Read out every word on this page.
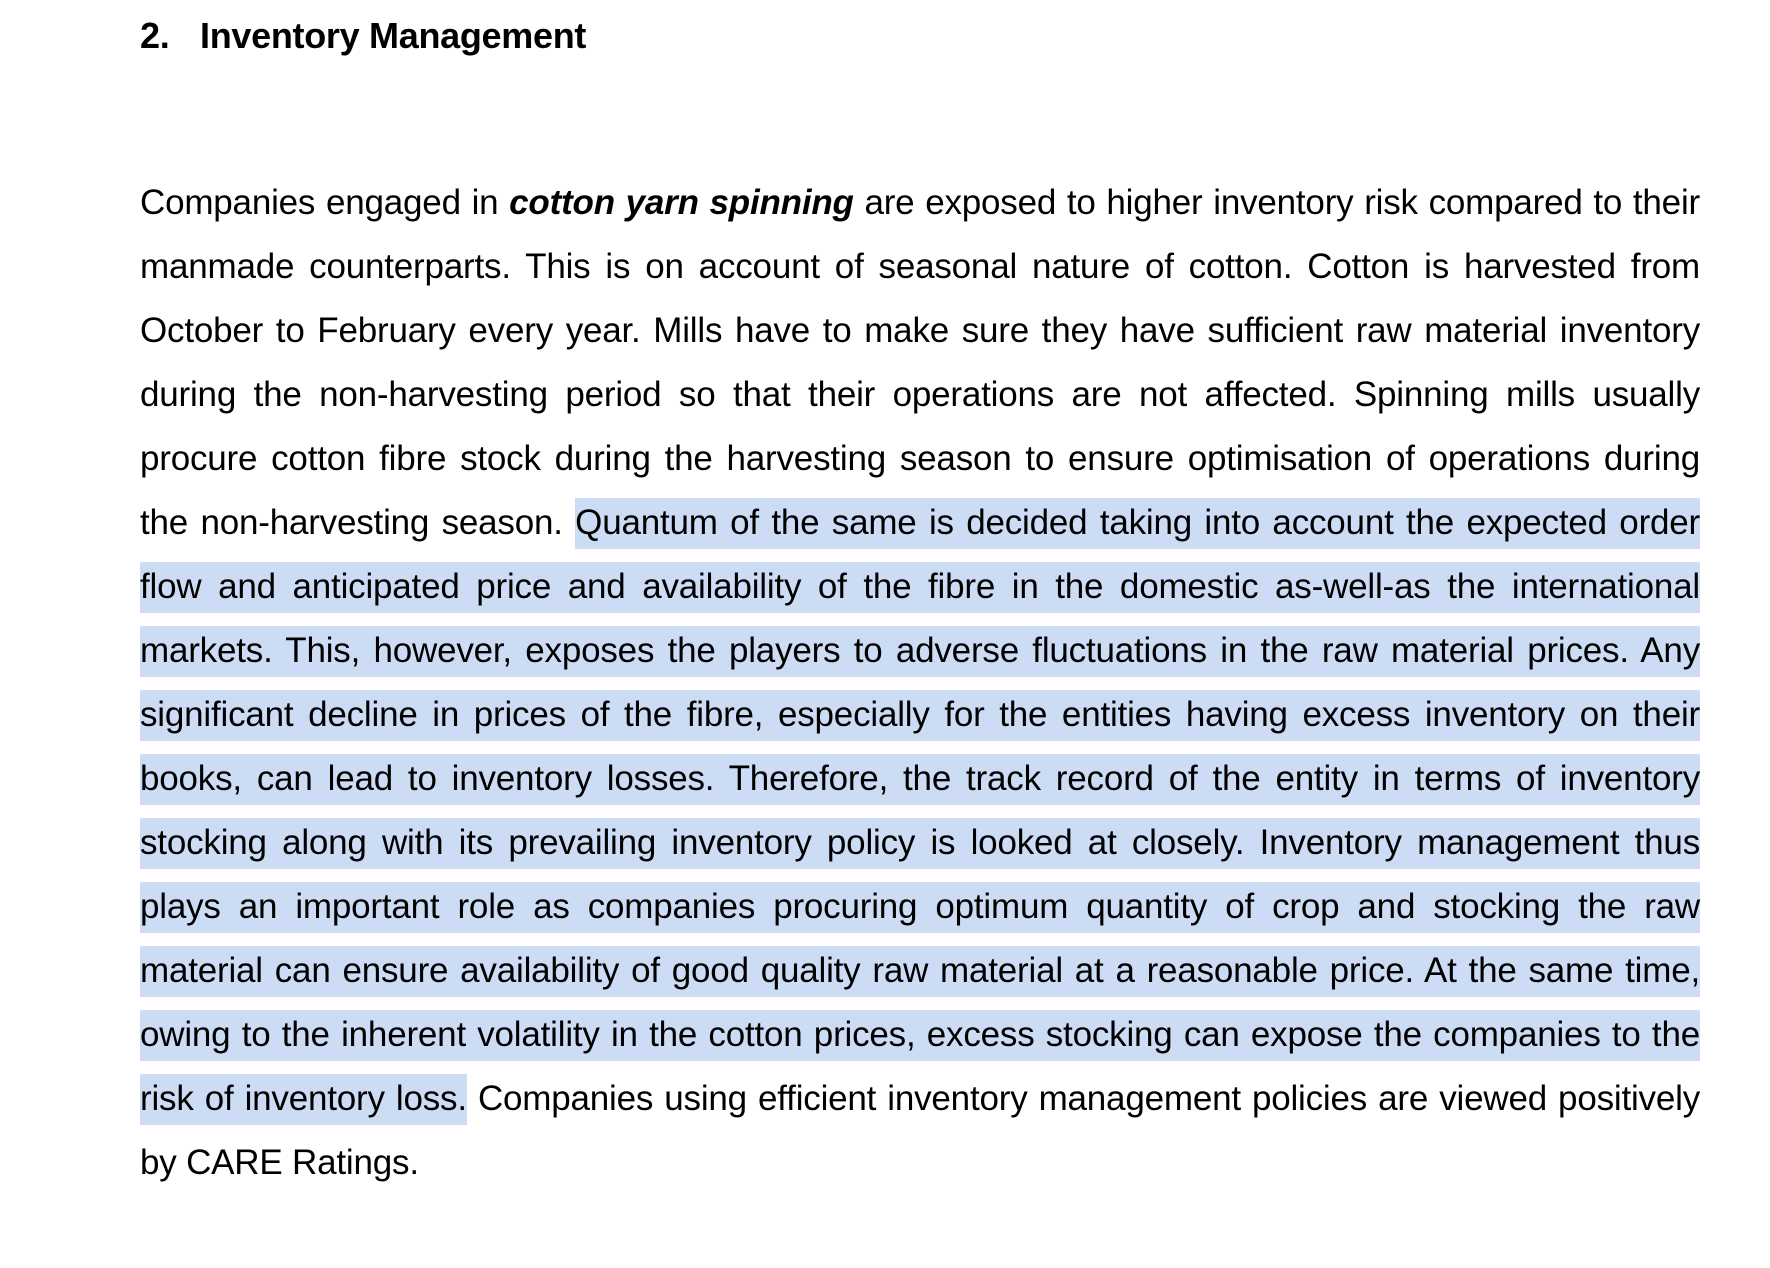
2. Inventory Management

Companies engaged in cotton yarn spinning are exposed to higher inventory risk compared to their manmade counterparts. This is on account of seasonal nature of cotton. Cotton is harvested from October to February every year. Mills have to make sure they have sufficient raw material inventory during the non-harvesting period so that their operations are not affected. Spinning mills usually procure cotton fibre stock during the harvesting season to ensure optimisation of operations during the non-harvesting season. Quantum of the same is decided taking into account the expected order flow and anticipated price and availability of the fibre in the domestic as-well-as the international markets. This, however, exposes the players to adverse fluctuations in the raw material prices. Any significant decline in prices of the fibre, especially for the entities having excess inventory on their books, can lead to inventory losses. Therefore, the track record of the entity in terms of inventory stocking along with its prevailing inventory policy is looked at closely. Inventory management thus plays an important role as companies procuring optimum quantity of crop and stocking the raw material can ensure availability of good quality raw material at a reasonable price. At the same time, owing to the inherent volatility in the cotton prices, excess stocking can expose the companies to the risk of inventory loss. Companies using efficient inventory management policies are viewed positively by CARE Ratings.
